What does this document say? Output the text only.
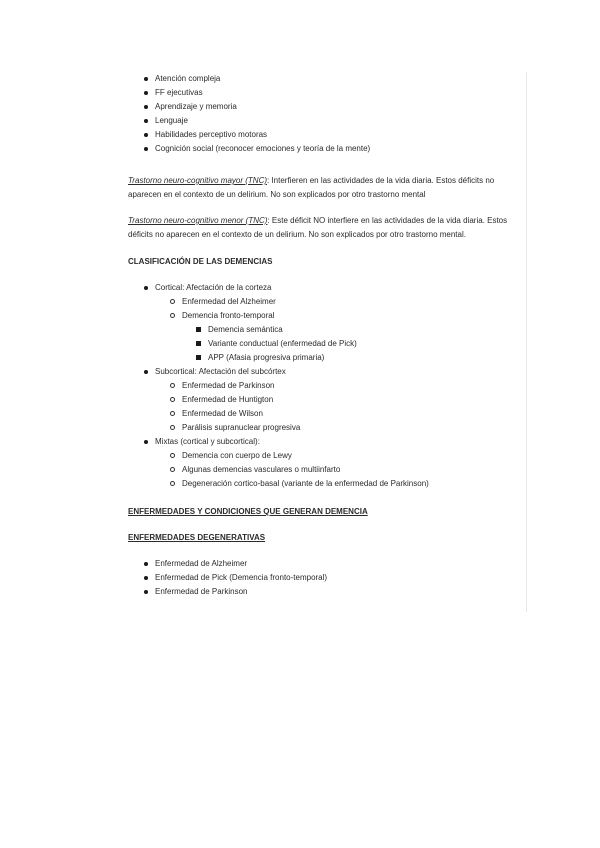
Atención compleja
FF ejecutivas
Aprendizaje y memoria
Lenguaje
Habilidades perceptivo motoras
Cognición social (reconocer emociones y teoría de la mente)

Trastorno neuro-cognitivo mayor (TNC): Interfieren en las actividades de la vida diaria. Estos déficits no aparecen en el contexto de un delirium. No son explicados por otro trastorno mental

Trastorno neuro-cognitivo menor (TNC): Este déficit NO interfiere en las actividades de la vida diaria. Estos déficits no aparecen en el contexto de un delirium. No son explicados por otro trastorno mental.

CLASIFICACIÓN DE LAS DEMENCIAS

Cortical: Afectación de la corteza
Enfermedad del Alzheimer
Demencia fronto-temporal
Demencia semántica
Variante conductual (enfermedad de Pick)
APP (Afasia progresiva primaria)
Subcortical: Afectación del subcórtex
Enfermedad de Parkinson
Enfermedad de Huntigton
Enfermedad de Wilson
Parálisis supranuclear progresiva
Mixtas (cortical y subcortical):
Demencia con cuerpo de Lewy
Algunas demencias vasculares o multiinfarto
Degeneración cortico-basal (variante de la enfermedad de Parkinson)

ENFERMEDADES Y CONDICIONES QUE GENERAN DEMENCIA

ENFERMEDADES DEGENERATIVAS

Enfermedad de Alzheimer
Enfermedad de Pick (Demencia fronto-temporal)
Enfermedad de Parkinson
